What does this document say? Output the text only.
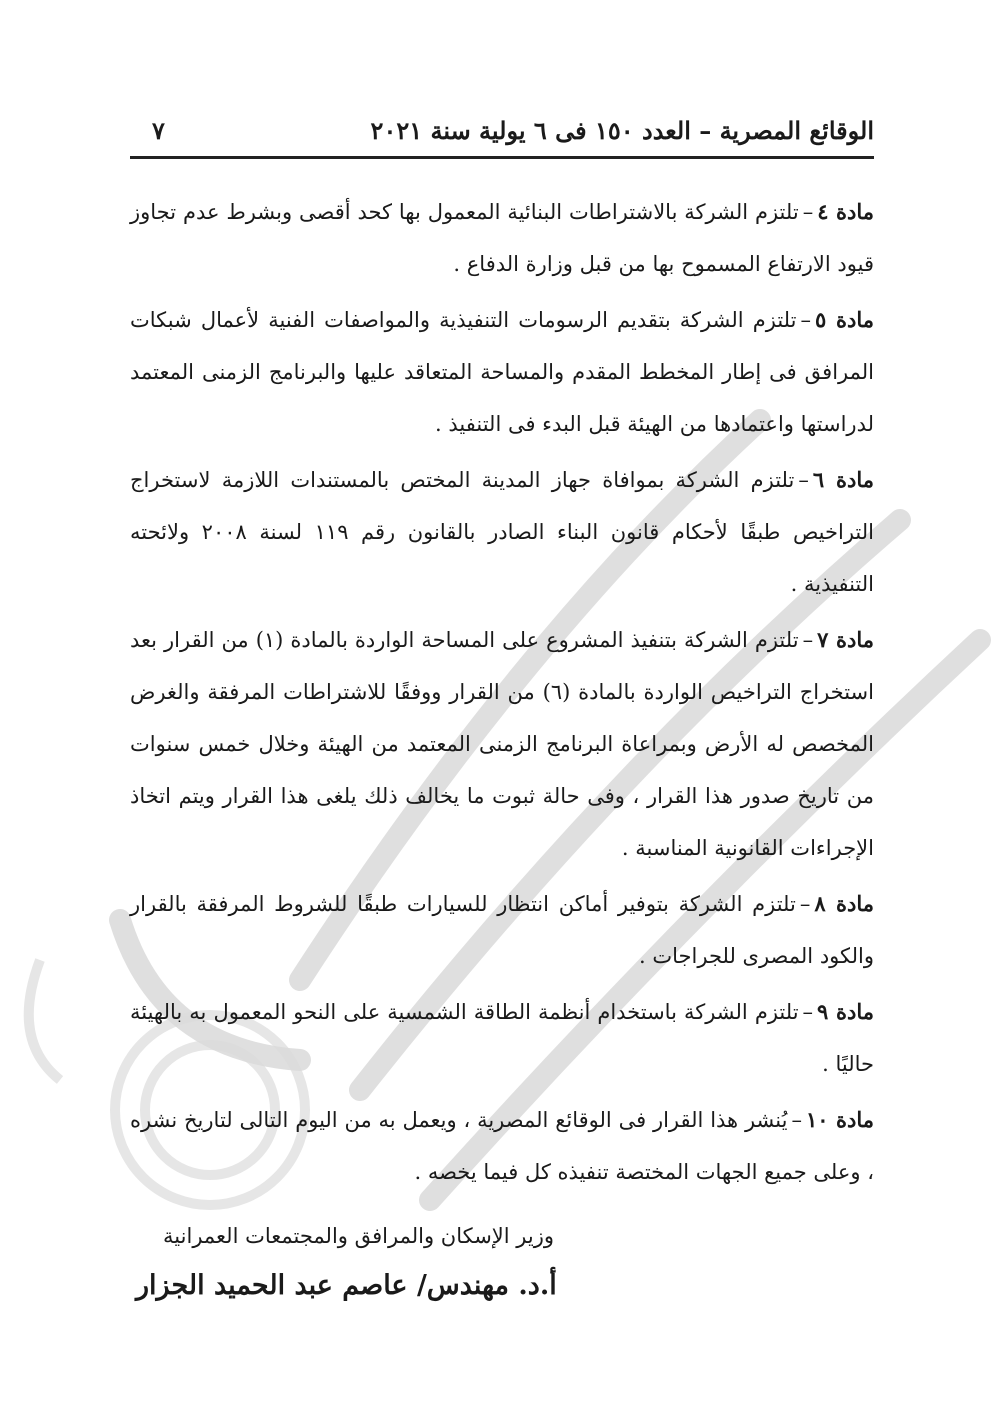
الوقائع المصرية – العدد ١٥٠ فى ٦ يولية سنة ٢٠٢١
٧

مادة ٤–تلتزم الشركة بالاشتراطات البنائية المعمول بها كحد أقصى وبشرط عدم تجاوز قيود الارتفاع المسموح بها من قبل وزارة الدفاع .

مادة ٥–تلتزم الشركة بتقديم الرسومات التنفيذية والمواصفات الفنية لأعمال شبكات المرافق فى إطار المخطط المقدم والمساحة المتعاقد عليها والبرنامج الزمنى المعتمد لدراستها واعتمادها من الهيئة قبل البدء فى التنفيذ .

مادة ٦–تلتزم الشركة بموافاة جهاز المدينة المختص بالمستندات اللازمة لاستخراج التراخيص طبقًا لأحكام قانون البناء الصادر بالقانون رقم ١١٩ لسنة ٢٠٠٨ ولائحته التنفيذية .

مادة ٧–تلتزم الشركة بتنفيذ المشروع على المساحة الواردة بالمادة (١) من القرار بعد استخراج التراخيص الواردة بالمادة (٦) من القرار ووفقًا للاشتراطات المرفقة والغرض المخصص له الأرض وبمراعاة البرنامج الزمنى المعتمد من الهيئة وخلال خمس سنوات من تاريخ صدور هذا القرار ، وفى حالة ثبوت ما يخالف ذلك يلغى هذا القرار ويتم اتخاذ الإجراءات القانونية المناسبة .

مادة ٨–تلتزم الشركة بتوفير أماكن انتظار للسيارات طبقًا للشروط المرفقة بالقرار والكود المصرى للجراجات .

مادة ٩–تلتزم الشركة باستخدام أنظمة الطاقة الشمسية على النحو المعمول به بالهيئة حاليًا .

مادة ١٠–يُنشر هذا القرار فى الوقائع المصرية ، ويعمل به من اليوم التالى لتاريخ نشره ، وعلى جميع الجهات المختصة تنفيذه كل فيما يخصه .

وزير الإسكان والمرافق والمجتمعات العمرانية
أ.د. مهندس/ عاصم عبد الحميد الجزار
